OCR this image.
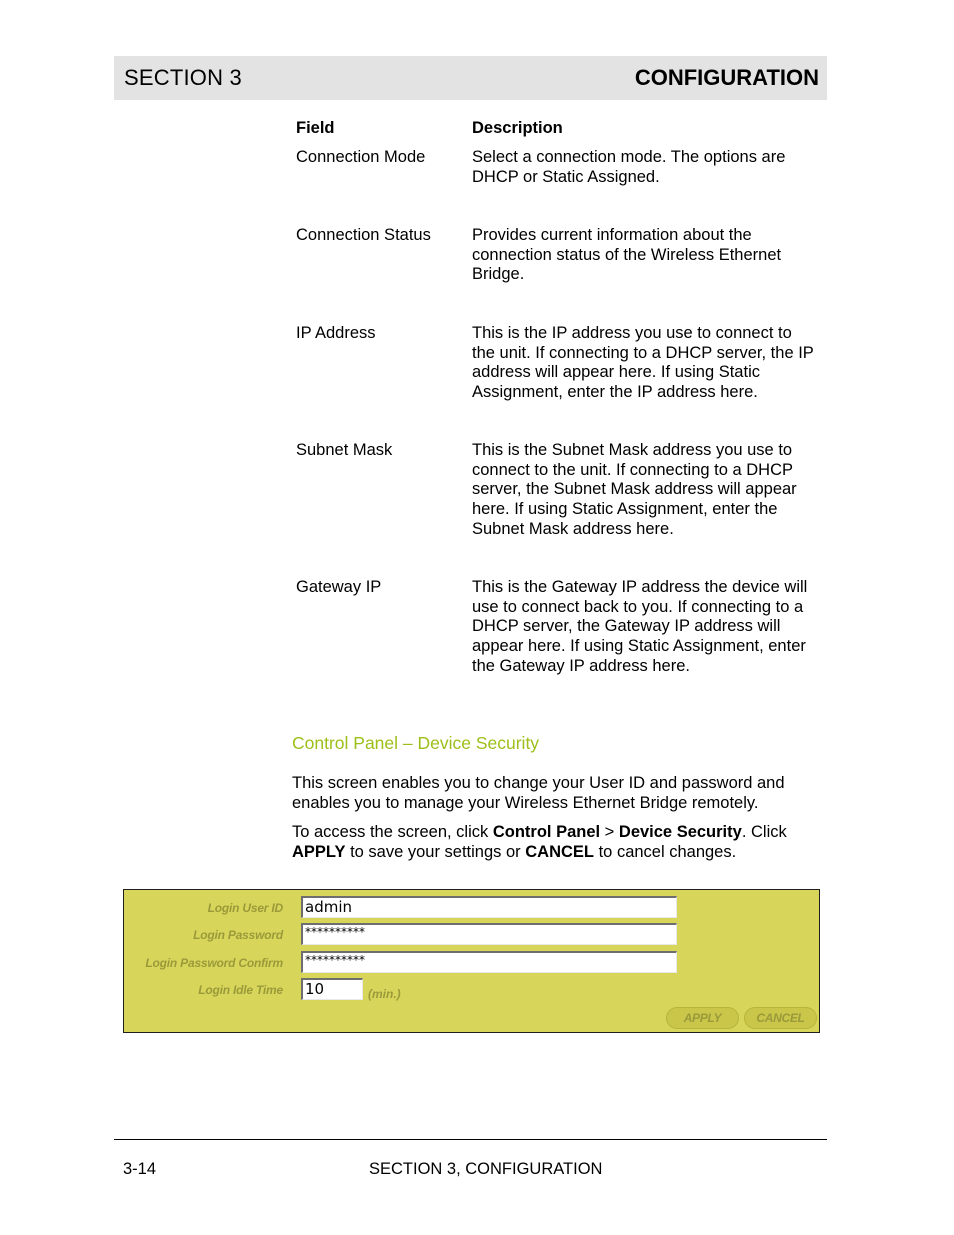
SECTION 3	CONFIGURATION
Field	Description
Connection Mode	Select a connection mode. The options are DHCP or Static Assigned.
Connection Status	Provides current information about the connection status of the Wireless Ethernet Bridge.
IP Address	This is the IP address you use to connect to the unit. If connecting to a DHCP server, the IP address will appear here. If using Static Assignment, enter the IP address here.
Subnet Mask	This is the Subnet Mask address you use to connect to the unit. If connecting to a DHCP server, the Subnet Mask address will appear here. If using Static Assignment, enter the Subnet Mask address here.
Gateway IP	This is the Gateway IP address the device will use to connect back to you. If connecting to a DHCP server, the Gateway IP address will appear here. If using Static Assignment, enter the Gateway IP address here.
Control Panel – Device Security
This screen enables you to change your User ID and password and enables you to manage your Wireless Ethernet Bridge remotely.
To access the screen, click Control Panel > Device Security. Click APPLY to save your settings or CANCEL to cancel changes.
Login User ID admin
Login Password	**********
Login Password Confirm	**********
Login Idle Time 10	(min.)
APPLY	CANCEL
3-14	SECTION 3, CONFIGURATION
